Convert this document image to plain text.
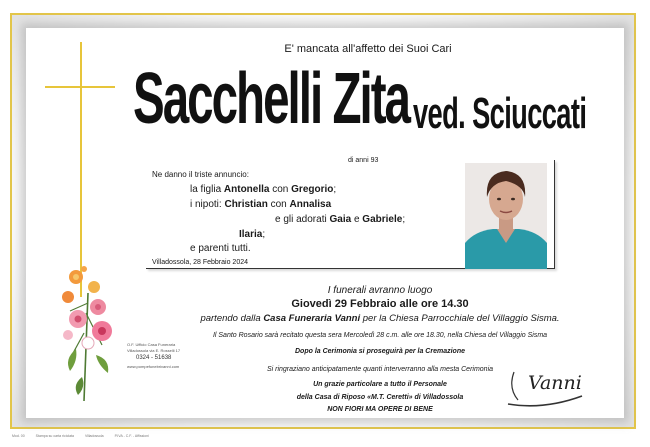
E' mancata all'affetto dei Suoi Cari
Sacchelli Zita ved. Sciuccati
di anni 93
Ne danno il triste annuncio:
la figlia Antonella con Gregorio;
i nipoti: Christian con Annalisa
e gli adorati Gaia e Gabriele;
Ilaria;
e parenti tutti.
Villadossola, 28 Febbraio 2024
I funerali avranno luogo
Giovedì 29 Febbraio alle ore 14.30
partendo dalla Casa Funeraria Vanni per la Chiesa Parrocchiale del Villaggio Sisma.
Il Santo Rosario sarà recitato questa sera Mercoledì 28 c.m. alle ore 18.30, nella Chiesa del Villaggio Sisma
Dopo la Cerimonia si proseguirà per la Cremazione
Si ringraziano anticipatamente quanti interverranno alla mesta Cerimonia
Un grazie particolare a tutto il Personale
della Casa di Riposo «M.T. Ceretti» di Villadossola
NON FIORI MA OPERE DI BENE
O.F. Ufficio Casa Funeraria
Villadossola via E. Rosselli 17
0324 - 51638
www.pompefunebrivanni.com
Vanni
Mod. 00	Stampa su carta riciclata	Villadossola	P.IVA - C.F. - Affissioni
